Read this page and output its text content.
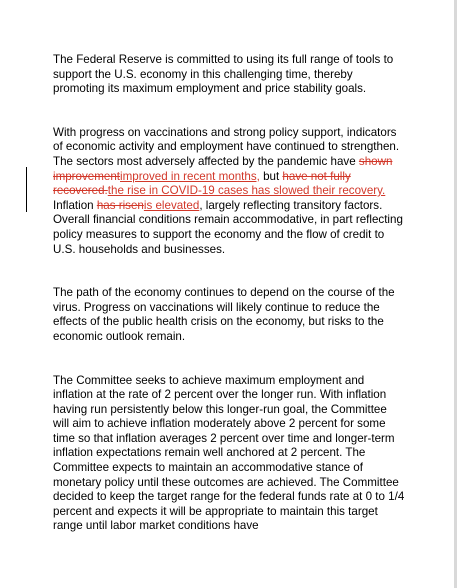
The Federal Reserve is committed to using its full range of tools to support the U.S. economy in this challenging time, thereby promoting its maximum employment and price stability goals.

With progress on vaccinations and strong policy support, indicators of economic activity and employment have continued to strengthen. The sectors most adversely affected by the pandemic have shown improvementimproved in recent months, but have not fully recovered.the rise in COVID-19 cases has slowed their recovery. Inflation has risenis elevated, largely reflecting transitory factors. Overall financial conditions remain accommodative, in part reflecting policy measures to support the economy and the flow of credit to U.S. households and businesses.

The path of the economy continues to depend on the course of the virus. Progress on vaccinations will likely continue to reduce the effects of the public health crisis on the economy, but risks to the economic outlook remain.

The Committee seeks to achieve maximum employment and inflation at the rate of 2 percent over the longer run. With inflation having run persistently below this longer-run goal, the Committee will aim to achieve inflation moderately above 2 percent for some time so that inflation averages 2 percent over time and longer-term inflation expectations remain well anchored at 2 percent. The Committee expects to maintain an accommodative stance of monetary policy until these outcomes are achieved. The Committee decided to keep the target range for the federal funds rate at 0 to 1/4 percent and expects it will be appropriate to maintain this target range until labor market conditions have
